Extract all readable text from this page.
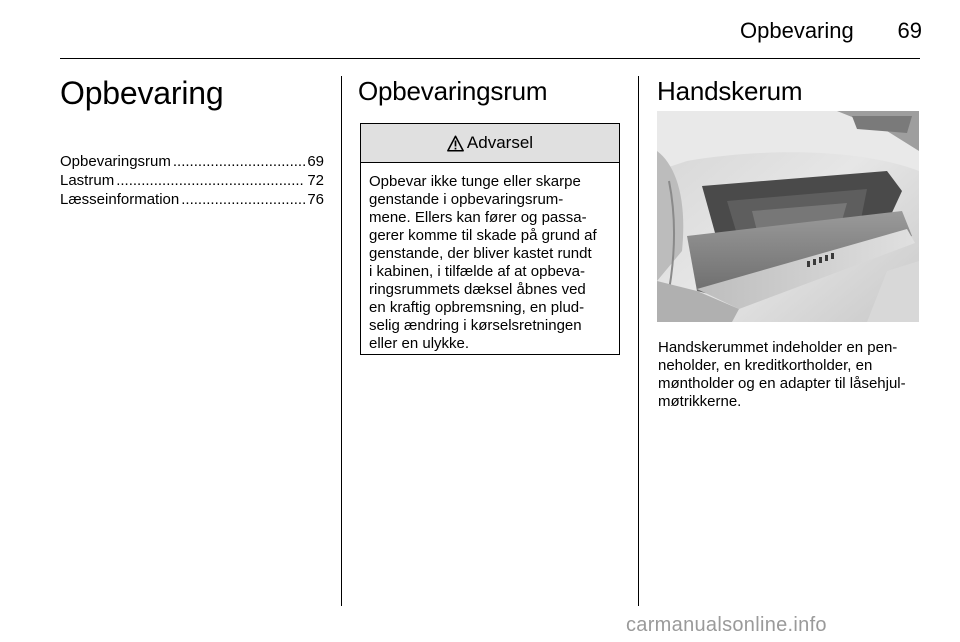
Opbevaring	69
Opbevaring
Opbevaringsrum .....	69
Lastrum .....	72
Læsseinformation .....	76
Opbevaringsrum
Advarsel
Opbevar ikke tunge eller skarpe
genstande i opbevaringsrum-
mene. Ellers kan fører og passa-
gerer komme til skade på grund af
genstande, der bliver kastet rundt
i kabinen, i tilfælde af at opbeva-
ringsrummets dæksel åbnes ved
en kraftig opbremsning, en plud-
selig ændring i kørselsretningen
eller en ulykke.
Handskerum
Handskerummet indeholder en pen-
neholder, en kreditkortholder, en
møntholder og en adapter til låsehjul-
møtrikkerne.
carmanualsonline.info
